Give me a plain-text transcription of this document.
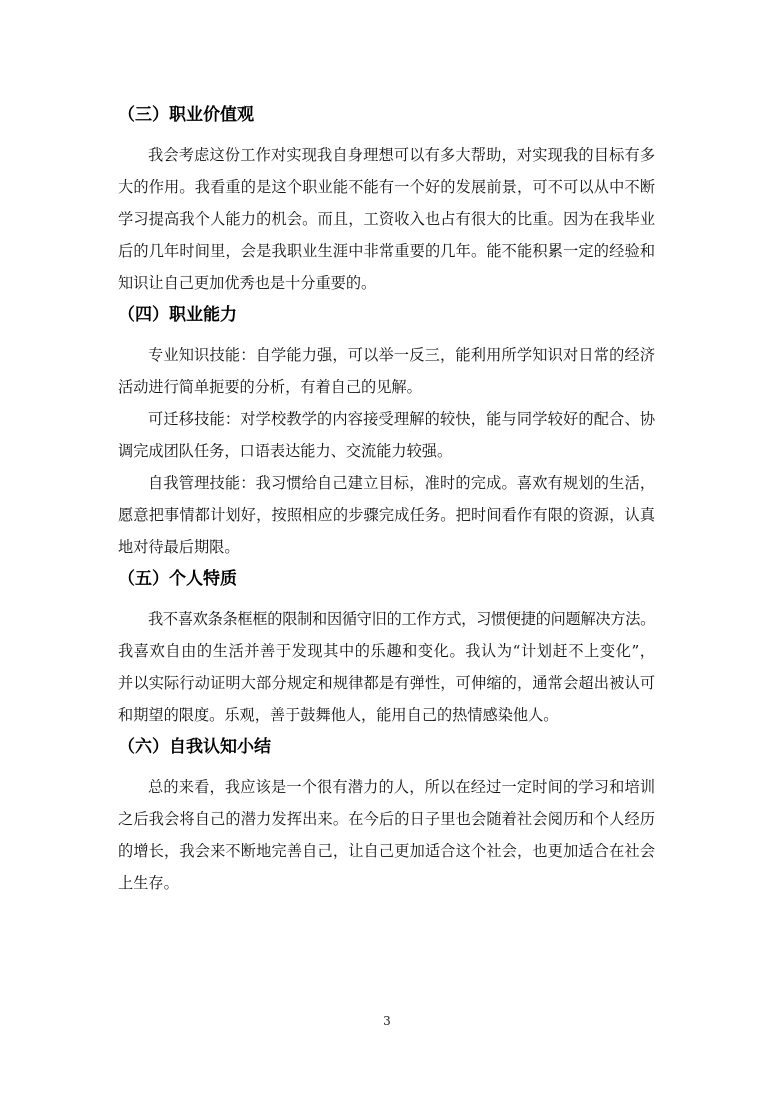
（三）职业价值观
我会考虑这份工作对实现我自身理想可以有多大帮助，对实现我的目标有多
大的作用。我看重的是这个职业能不能有一个好的发展前景，可不可以从中不断
学习提高我个人能力的机会。而且，工资收入也占有很大的比重。因为在我毕业
后的几年时间里，会是我职业生涯中非常重要的几年。能不能积累一定的经验和
知识让自己更加优秀也是十分重要的。
（四）职业能力
专业知识技能：自学能力强，可以举一反三，能利用所学知识对日常的经济
活动进行简单扼要的分析，有着自己的见解。
可迁移技能：对学校教学的内容接受理解的较快，能与同学较好的配合、协
调完成团队任务，口语表达能力、交流能力较强。
自我管理技能：我习惯给自己建立目标，准时的完成。喜欢有规划的生活，
愿意把事情都计划好，按照相应的步骤完成任务。把时间看作有限的资源，认真
地对待最后期限。
（五）个人特质
我不喜欢条条框框的限制和因循守旧的工作方式，习惯便捷的问题解决方法。
我喜欢自由的生活并善于发现其中的乐趣和变化。我认为“计划赶不上变化”，
并以实际行动证明大部分规定和规律都是有弹性，可伸缩的，通常会超出被认可
和期望的限度。乐观，善于鼓舞他人，能用自己的热情感染他人。
（六）自我认知小结
总的来看，我应该是一个很有潜力的人，所以在经过一定时间的学习和培训
之后我会将自己的潜力发挥出来。在今后的日子里也会随着社会阅历和个人经历
的增长，我会来不断地完善自己，让自己更加适合这个社会，也更加适合在社会
上生存。
3
